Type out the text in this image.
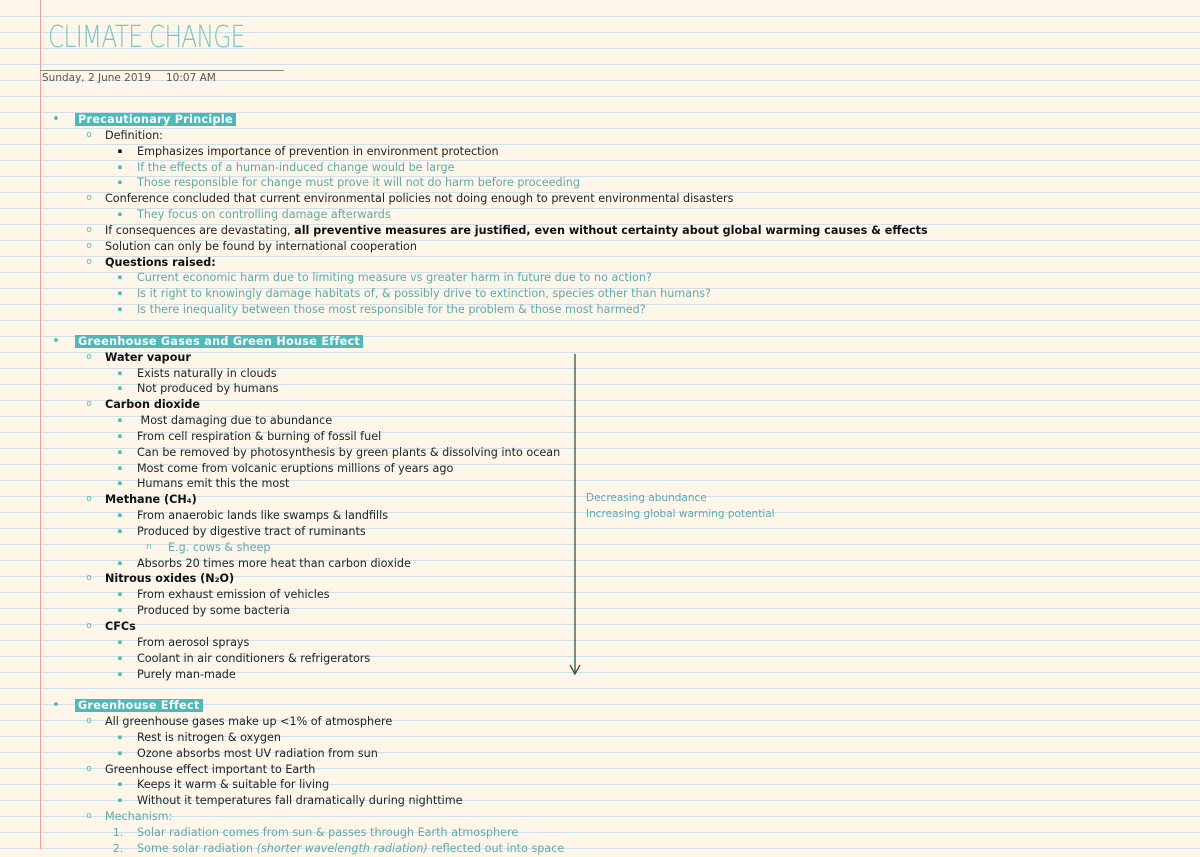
CLIMATE CHANGE
Sunday, 2 June 2019 10:07 AM
• Precautionary Principle
o Definition:
▪	Emphasizes importance of prevention in environment protection
▪	If the effects of a human-induced change would be large
▪	Those responsible for change must prove it will not do harm before proceeding
o Conference concluded that current environmental policies not doing enough to prevent environmental disasters
▪	They focus on controlling damage afterwards
o If consequences are devastating, all preventive measures are justified, even without certainty about global warming causes & effects
o Solution can only be found by international cooperation
o Questions raised:
▪	Current economic harm due to limiting measure vs greater harm in future due to no action?
▪	Is it right to knowingly damage habitats of, & possibly drive to extinction, species other than humans?
▪	Is there inequality between those most responsible for the problem & those most harmed?
• Greenhouse Gases and Green House Effect
o Water vapour
▪	Exists naturally in clouds
▪	Not produced by humans
o Carbon dioxide
▪	Most damaging due to abundance
▪	From cell respiration & burning of fossil fuel
▪	Can be removed by photosynthesis by green plants & dissolving into ocean
▪	Most come from volcanic eruptions millions of years ago
▪	Humans emit this the most
o Methane (CH₄)
▪	From anaerobic lands like swamps & landfills
▪	Produced by digestive tract of ruminants
n E.g. cows & sheep
▪	Absorbs 20 times more heat than carbon dioxide
o Nitrous oxides (N₂O)
▪	From exhaust emission of vehicles
▪	Produced by some bacteria
o CFCs
▪	From aerosol sprays
▪	Coolant in air conditioners & refrigerators
▪	Purely man-made
• Greenhouse Effect
o All greenhouse gases make up <1% of atmosphere
▪	Rest is nitrogen & oxygen
▪	Ozone absorbs most UV radiation from sun
o Greenhouse effect important to Earth
▪	Keeps it warm & suitable for living
▪	Without it temperatures fall dramatically during nighttime
o Mechanism:
1.	Solar radiation comes from sun & passes through Earth atmosphere
2.	Some solar radiation (shorter wavelength radiation) reflected out into space
Decreasing abundance
Increasing global warming potential
